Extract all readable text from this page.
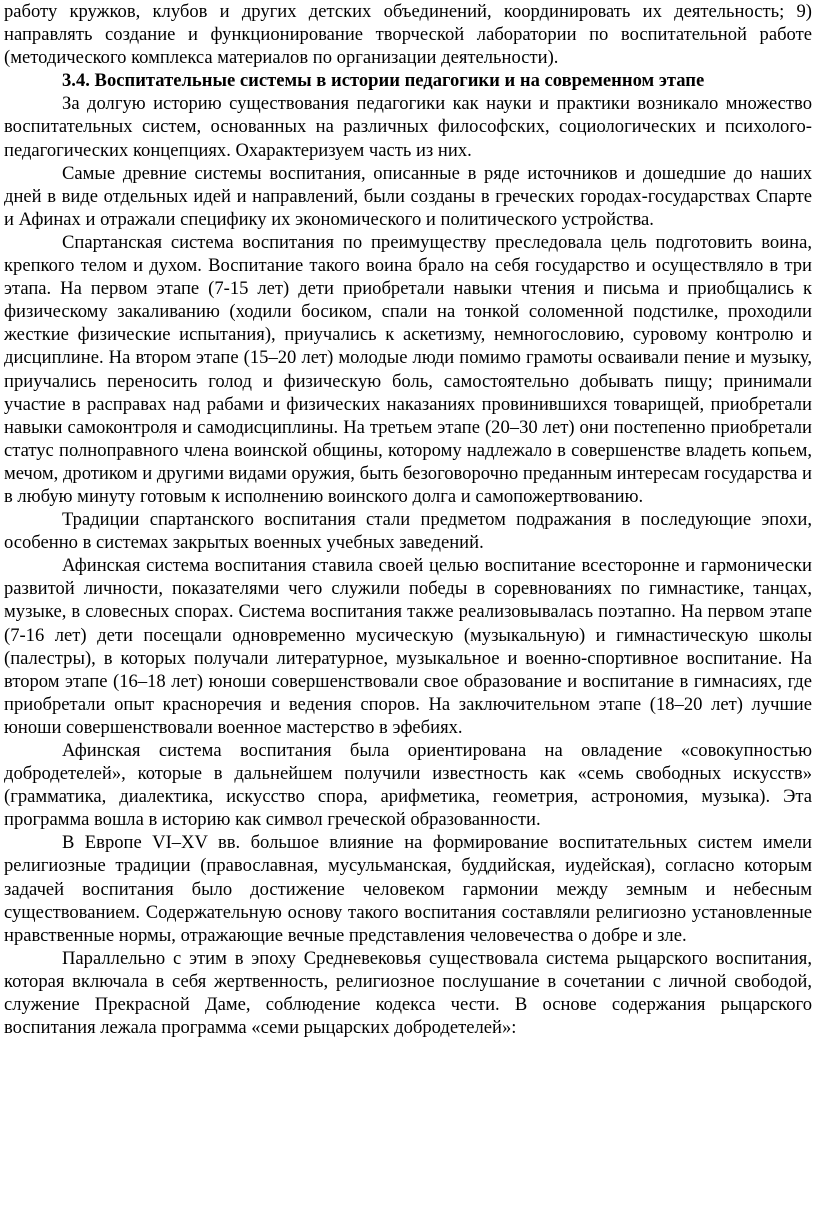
работу кружков, клубов и других детских объединений, координировать их деятельность; 9) направлять создание и функционирование творческой лаборатории по воспитательной работе (методического комплекса материалов по организации деятельности).

3.4. Воспитательные системы в истории педагогики и на современном этапе

За долгую историю существования педагогики как науки и практики возникало множество воспитательных систем, основанных на различных философских, социологических и психолого-педагогических концепциях. Охарактеризуем часть из них.

Самые древние системы воспитания, описанные в ряде источников и дошедшие до наших дней в виде отдельных идей и направлений, были созданы в греческих городах-государствах Спарте и Афинах и отражали специфику их экономического и политического устройства.

Спартанская система воспитания по преимуществу преследовала цель подготовить воина, крепкого телом и духом. Воспитание такого воина брало на себя государство и осуществляло в три этапа. На первом этапе (7-15 лет) дети приобретали навыки чтения и письма и приобщались к физическому закаливанию (ходили босиком, спали на тонкой соломенной подстилке, проходили жесткие физические испытания), приучались к аскетизму, немногословию, суровому контролю и дисциплине. На втором этапе (15–20 лет) молодые люди помимо грамоты осваивали пение и музыку, приучались переносить голод и физическую боль, самостоятельно добывать пищу; принимали участие в расправах над рабами и физических наказаниях провинившихся товарищей, приобретали навыки самоконтроля и самодисциплины. На третьем этапе (20–30 лет) они постепенно приобретали статус полноправного члена воинской общины, которому надлежало в совершенстве владеть копьем, мечом, дротиком и другими видами оружия, быть безоговорочно преданным интересам государства и в любую минуту готовым к исполнению воинского долга и самопожертвованию.

Традиции спартанского воспитания стали предметом подражания в последующие эпохи, особенно в системах закрытых военных учебных заведений.

Афинская система воспитания ставила своей целью воспитание всесторонне и гармонически развитой личности, показателями чего служили победы в соревнованиях по гимнастике, танцах, музыке, в словесных спорах. Система воспитания также реализовывалась поэтапно. На первом этапе (7-16 лет) дети посещали одновременно мусическую (музыкальную) и гимнастическую школы (палестры), в которых получали литературное, музыкальное и военно-спортивное воспитание. На втором этапе (16–18 лет) юноши совершенствовали свое образование и воспитание в гимнасиях, где приобретали опыт красноречия и ведения споров. На заключительном этапе (18–20 лет) лучшие юноши совершенствовали военное мастерство в эфебиях.

Афинская система воспитания была ориентирована на овладение «совокупностью добродетелей», которые в дальнейшем получили известность как «семь свободных искусств» (грамматика, диалектика, искусство спора, арифметика, геометрия, астрономия, музыка). Эта программа вошла в историю как символ греческой образованности.

В Европе VI–XV вв. большое влияние на формирование воспитательных систем имели религиозные традиции (православная, мусульманская, буддийская, иудейская), согласно которым задачей воспитания было достижение человеком гармонии между земным и небесным существованием. Содержательную основу такого воспитания составляли религиозно установленные нравственные нормы, отражающие вечные представления человечества о добре и зле.

Параллельно с этим в эпоху Средневековья существовала система рыцарского воспитания, которая включала в себя жертвенность, религиозное послушание в сочетании с личной свободой, служение Прекрасной Даме, соблюдение кодекса чести. В основе содержания рыцарского воспитания лежала программа «семи рыцарских добродетелей»:
